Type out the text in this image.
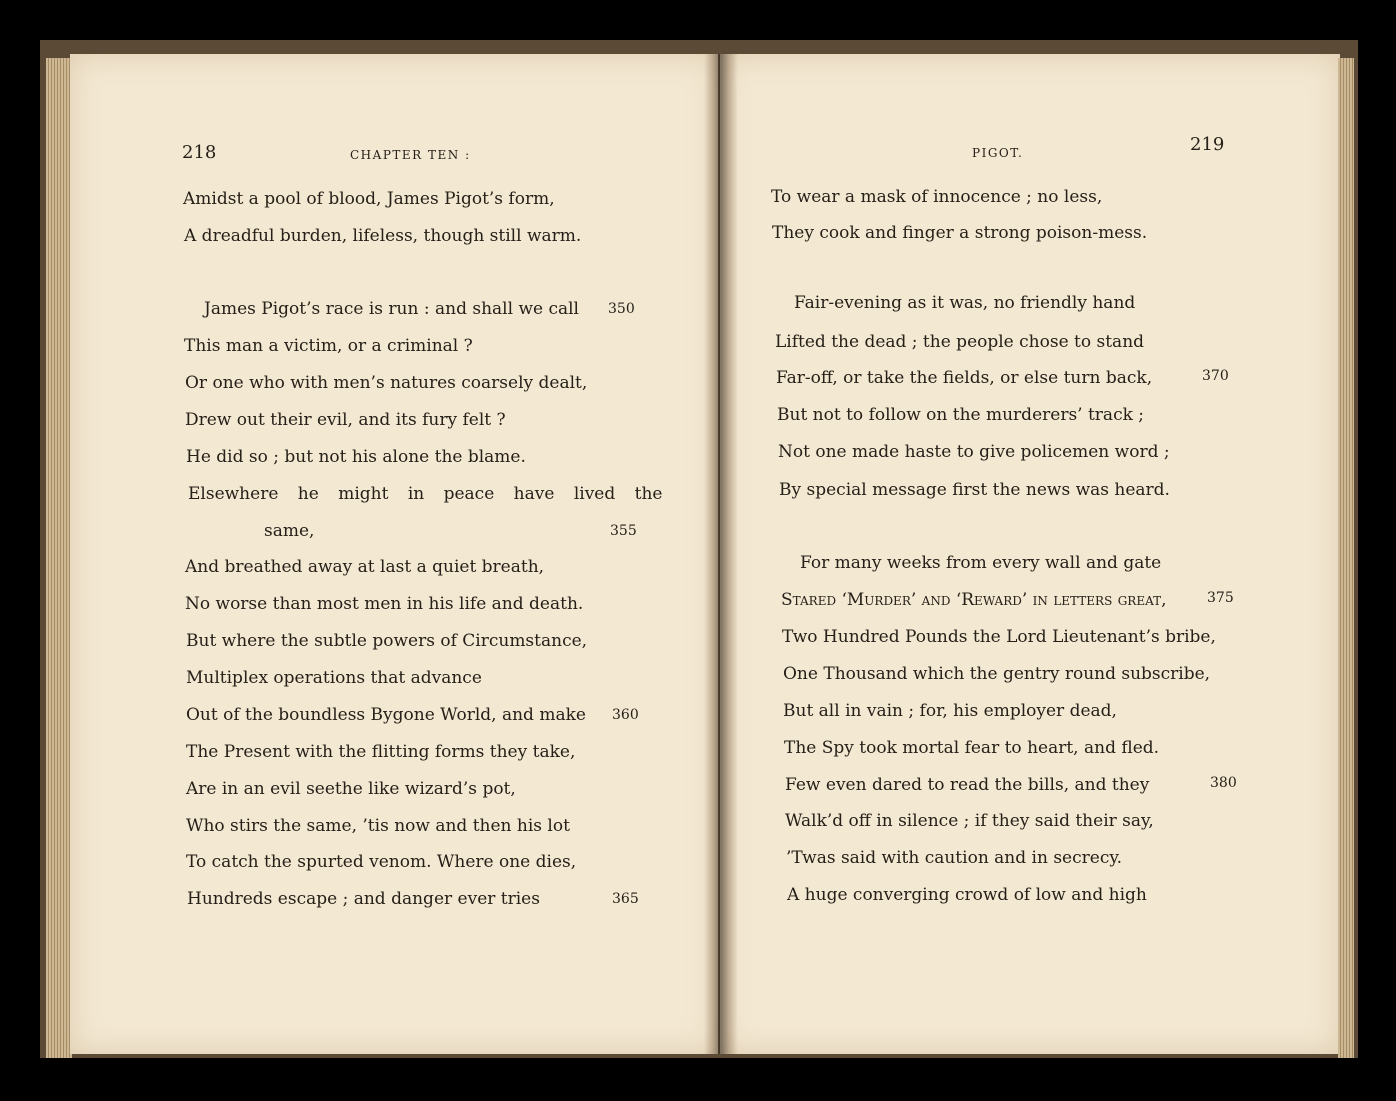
218	CHAPTER TEN :
Amidst a pool of blood, James Pigot’s form,
A dreadful burden, lifeless, though still warm.
James Pigot’s race is run : and shall we call
This man a victim, or a criminal ?
Or one who with men’s natures coarsely dealt,
Drew out their evil, and its fury felt ?
He did so ; but not his alone the blame.
Elsewhere he might in peace have lived the
same,
And breathed away at last a quiet breath,
No worse than most men in his life and death.
But where the subtle powers of Circumstance,
Multiplex operations that advance
Out of the boundless Bygone World, and make
The Present with the flitting forms they take,
Are in an evil seethe like wizard’s pot,
Who stirs the same, ’tis now and then his lot
To catch the spurted venom. Where one dies,
Hundreds escape ; and danger ever tries
350
355
360
365
PIGOT.	219
To wear a mask of innocence ; no less,
They cook and finger a strong poison-mess.
Fair-evening as it was, no friendly hand
Lifted the dead ; the people chose to stand
Far-off, or take the fields, or else turn back,
But not to follow on the murderers’ track ;
Not one made haste to give policemen word ;
By special message first the news was heard.
For many weeks from every wall and gate
Stared ‘Murder’ and ‘Reward’ in letters great,
Two Hundred Pounds the Lord Lieutenant’s bribe,
One Thousand which the gentry round subscribe,
But all in vain ; for, his employer dead,
The Spy took mortal fear to heart, and fled.
Few even dared to read the bills, and they
Walk’d off in silence ; if they said their say,
’Twas said with caution and in secrecy.
A huge converging crowd of low and high
370
375
380
